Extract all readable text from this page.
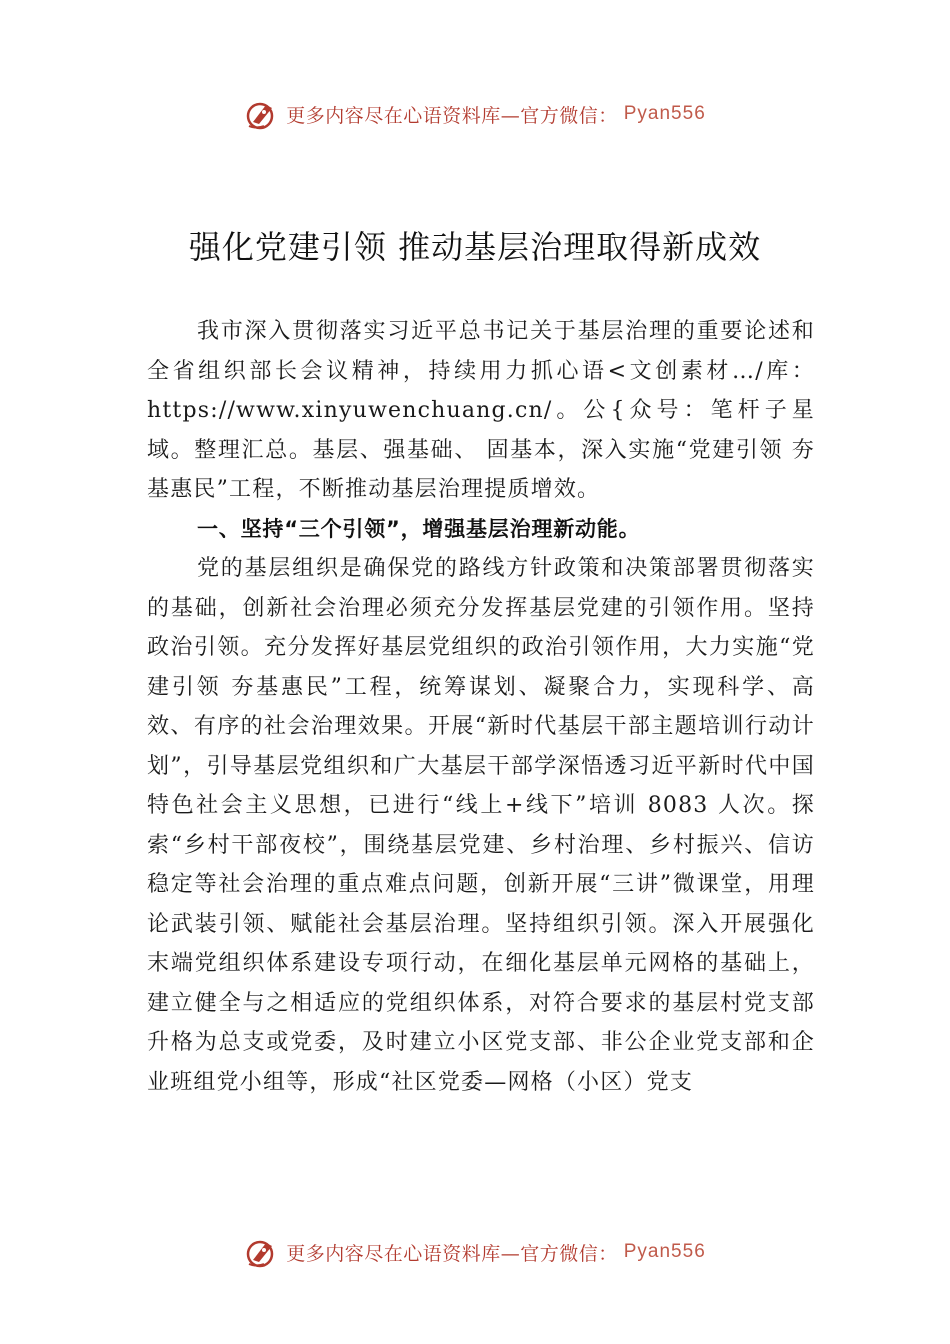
更多内容尽在心语资料库—官方微信： Pyan556
强化党建引领 推动基层治理取得新成效

我市深入贯彻落实习近平总书记关于基层治理的重要论述和全省组织部长会议精神，持续用力抓心语<文创素材…/库：https://www.xinyuwenchuang.cn/。公{众号：笔杆子星域。整理汇总。基层、强基础、 固基本，深入实施“党建引领 夯基惠民”工程，不断推动基层治理提质增效。

一、坚持“三个引领”，增强基层治理新动能。

党的基层组织是确保党的路线方针政策和决策部署贯彻落实的基础，创新社会治理必须充分发挥基层党建的引领作用。坚持政治引领。充分发挥好基层党组织的政治引领作用，大力实施“党建引领 夯基惠民”工程，统筹谋划、凝聚合力，实现科学、高效、有序的社会治理效果。开展“新时代基层干部主题培训行动计划”，引导基层党组织和广大基层干部学深悟透习近平新时代中国特色社会主义思想，已进行“线上+线下”培训 8083 人次。探索“乡村干部夜校”，围绕基层党建、乡村治理、乡村振兴、信访稳定等社会治理的重点难点问题，创新开展“三讲”微课堂，用理论武装引领、赋能社会基层治理。坚持组织引领。深入开展强化末端党组织体系建设专项行动，在细化基层单元网格的基础上，建立健全与之相适应的党组织体系，对符合要求的基层村党支部升格为总支或党委，及时建立小区党支部、非公企业党支部和企业班组党小组等，形成“社区党委—网格（小区）党支

更多内容尽在心语资料库—官方微信： Pyan556
